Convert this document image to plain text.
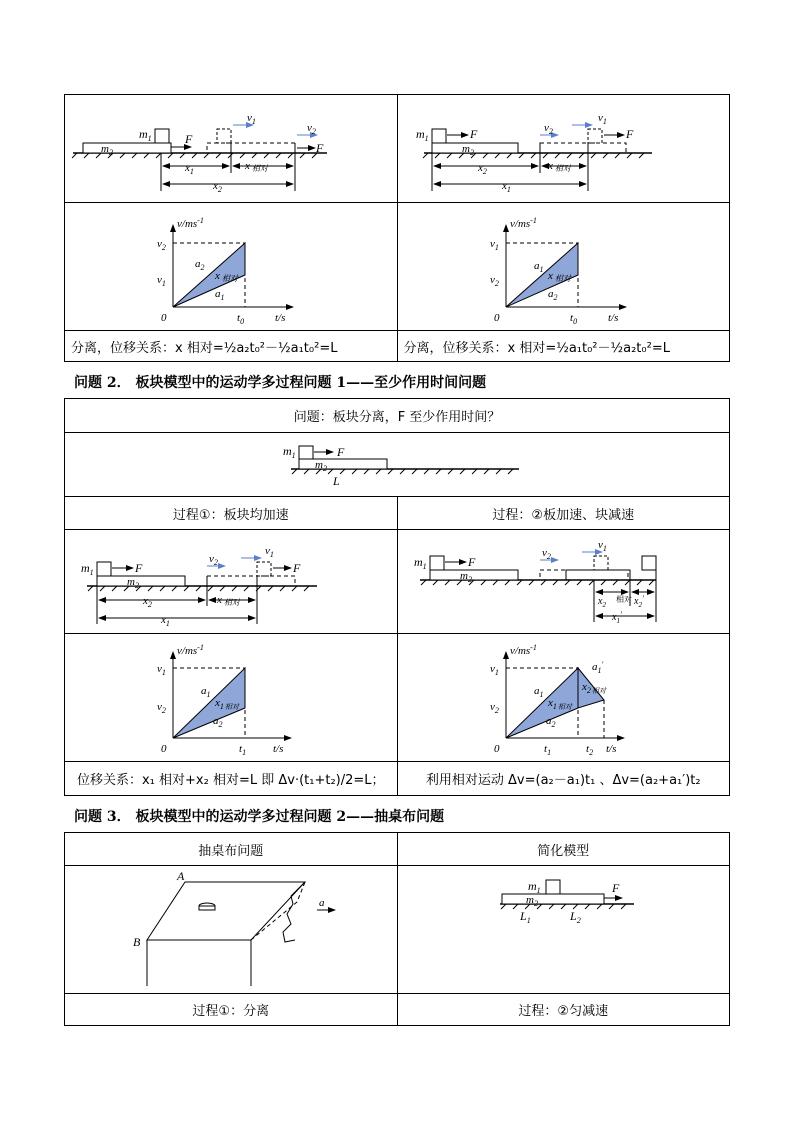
$m_1$
$m_2$
F
$v_1$
$v_2$
F
$x_1$	x 相对
$x_2$
$m_1$
$m_2$
F
$v_1$
F
$v_2$
$x_2$	x 相对
$x_1$
$v/ms^{-1}$
$v_2$
$v_1$
0
$a_2$
x 相对
$a_1$
$t_0$	t/s
$v/ms^{-1}$
$v_1$
$v_2$
0
$a_1$
x 相对
$a_2$
$t_0$	t/s
分离，位移关系：x 相对=½a₂t₀²－½a₁t₀²=L	分离，位移关系：x 相对=½a₁t₀²－½a₂t₀²=L
问题 2． 板块模型中的运动学多过程问题 1——至少作用时间问题
问题：板块分离，F 至少作用时间？
$m_1$
$m_2$
F
L
过程①：板块均加速	过程：②板加速、块减速
$m_1$
$m_2$
F
$v_2$
$v_1$
F
$x_2$	x 相对
$x_1$
$m_1$
$m_2$
F
$v_2$
$v_1$
$x_2$
相对 $x_2'$
$x_1'$
$v/ms^{-1}$
$v_1$
$v_2$
0
$a_1$
$x_1$相对
$a_2$
$t_1$ t/s
$v/ms^{-1}$
$v_1$
$v_2$
0
$a_1'$
$a_1$
$x_1$相对
$x_2$相对
$a_2$
$t_1$	$t_2$ t/s
位移关系：x₁ 相对+x₂ 相对=L 即 Δv·(t₁+t₂)/2=L；	利用相对运动 Δv=(a₂－a₁)t₁ 、Δv=(a₂+a₁′)t₂
问题 3． 板块模型中的运动学多过程问题 2——抽桌布问题
抽桌布问题	简化模型
A
B
a
$m_1$
$m_2$
F
$L_1$	$L_2$
过程①：分离	过程：②匀减速
